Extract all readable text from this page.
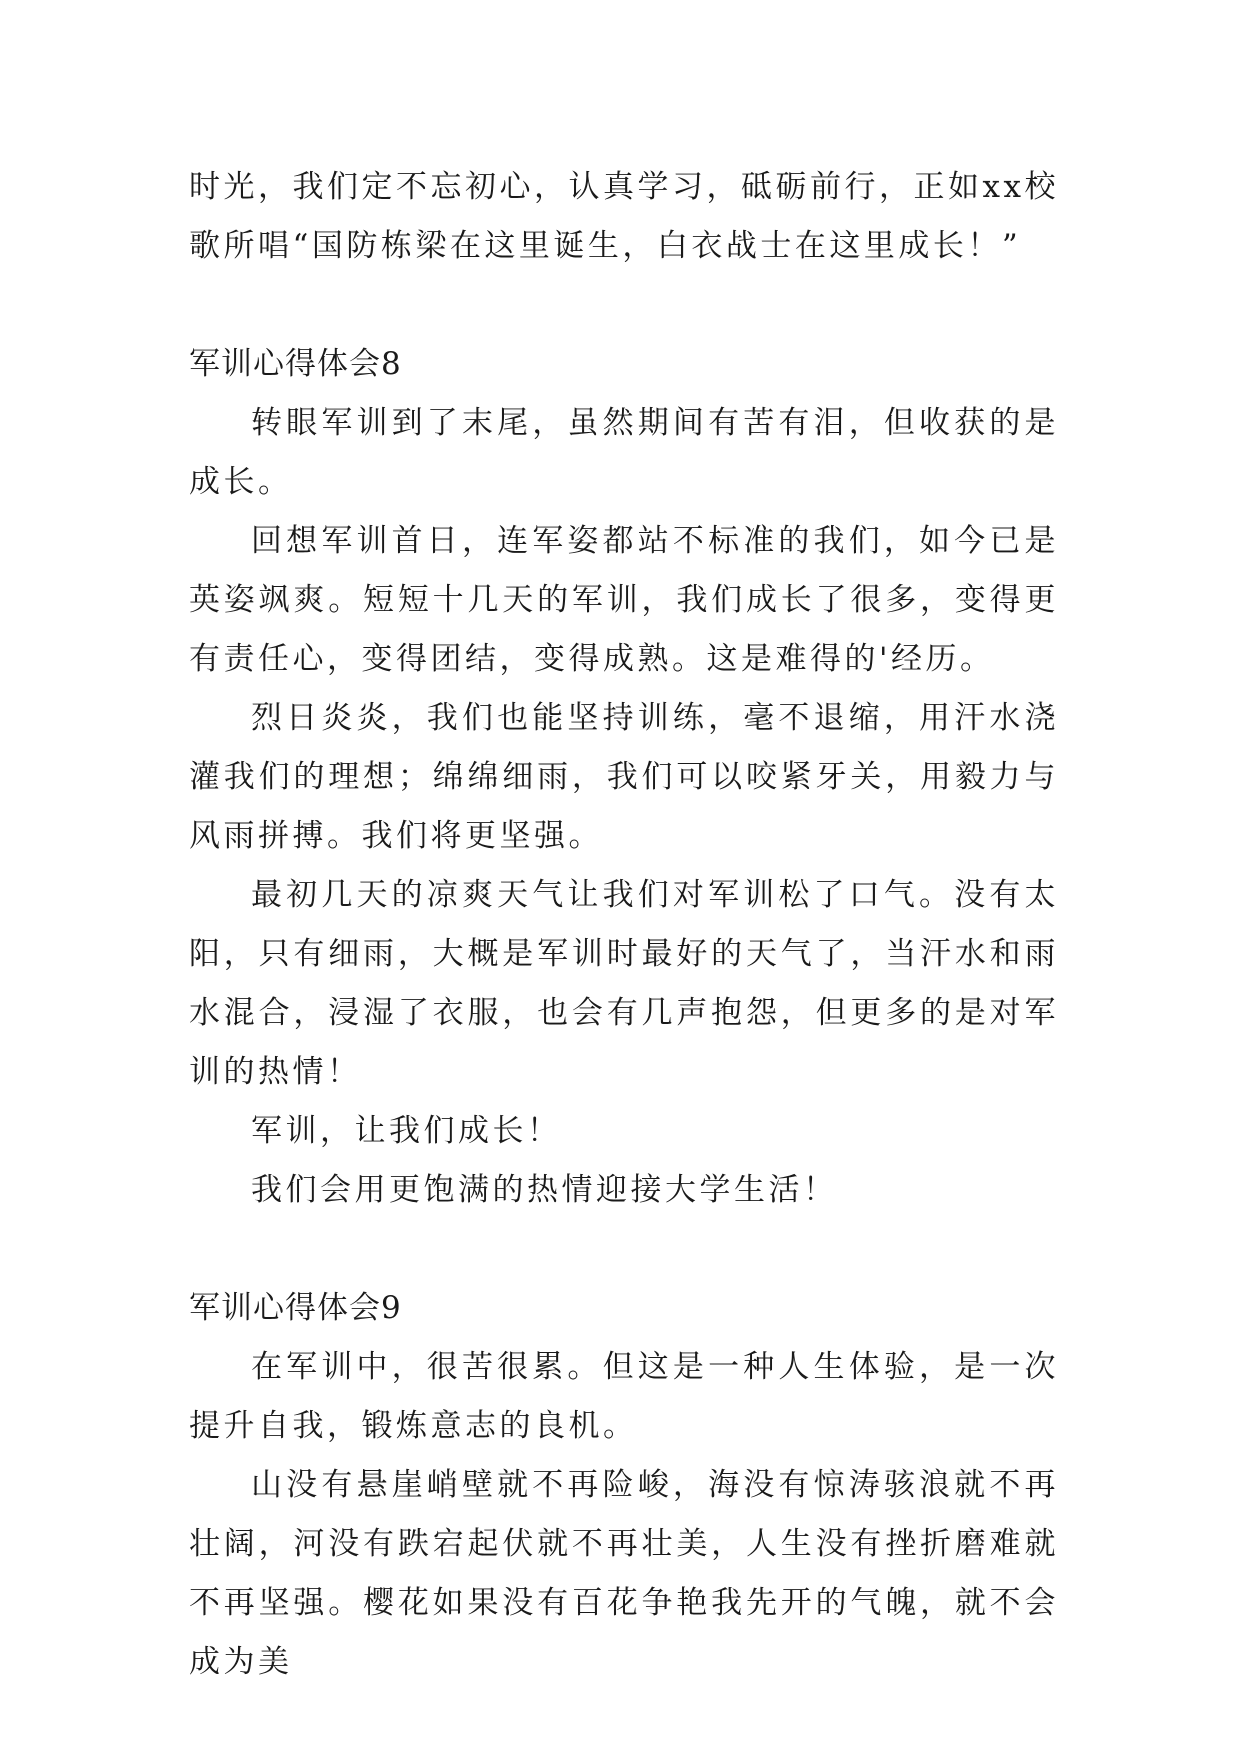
时光，我们定不忘初心，认真学习，砥砺前行，正如xx校歌所唱“国防栋梁在这里诞生，白衣战士在这里成长！”

军训心得体会8

转眼军训到了末尾，虽然期间有苦有泪，但收获的是成长。

回想军训首日，连军姿都站不标准的我们，如今已是英姿飒爽。短短十几天的军训，我们成长了很多，变得更有责任心，变得团结，变得成熟。这是难得的'经历。

烈日炎炎，我们也能坚持训练，毫不退缩，用汗水浇灌我们的理想；绵绵细雨，我们可以咬紧牙关，用毅力与风雨拼搏。我们将更坚强。

最初几天的凉爽天气让我们对军训松了口气。没有太阳，只有细雨，大概是军训时最好的天气了，当汗水和雨水混合，浸湿了衣服，也会有几声抱怨，但更多的是对军训的热情！

军训，让我们成长！

我们会用更饱满的热情迎接大学生活！

军训心得体会9

在军训中，很苦很累。但这是一种人生体验，是一次提升自我，锻炼意志的良机。

山没有悬崖峭壁就不再险峻，海没有惊涛骇浪就不再壮阔，河没有跌宕起伏就不再壮美，人生没有挫折磨难就不再坚强。樱花如果没有百花争艳我先开的气魄，就不会成为美
